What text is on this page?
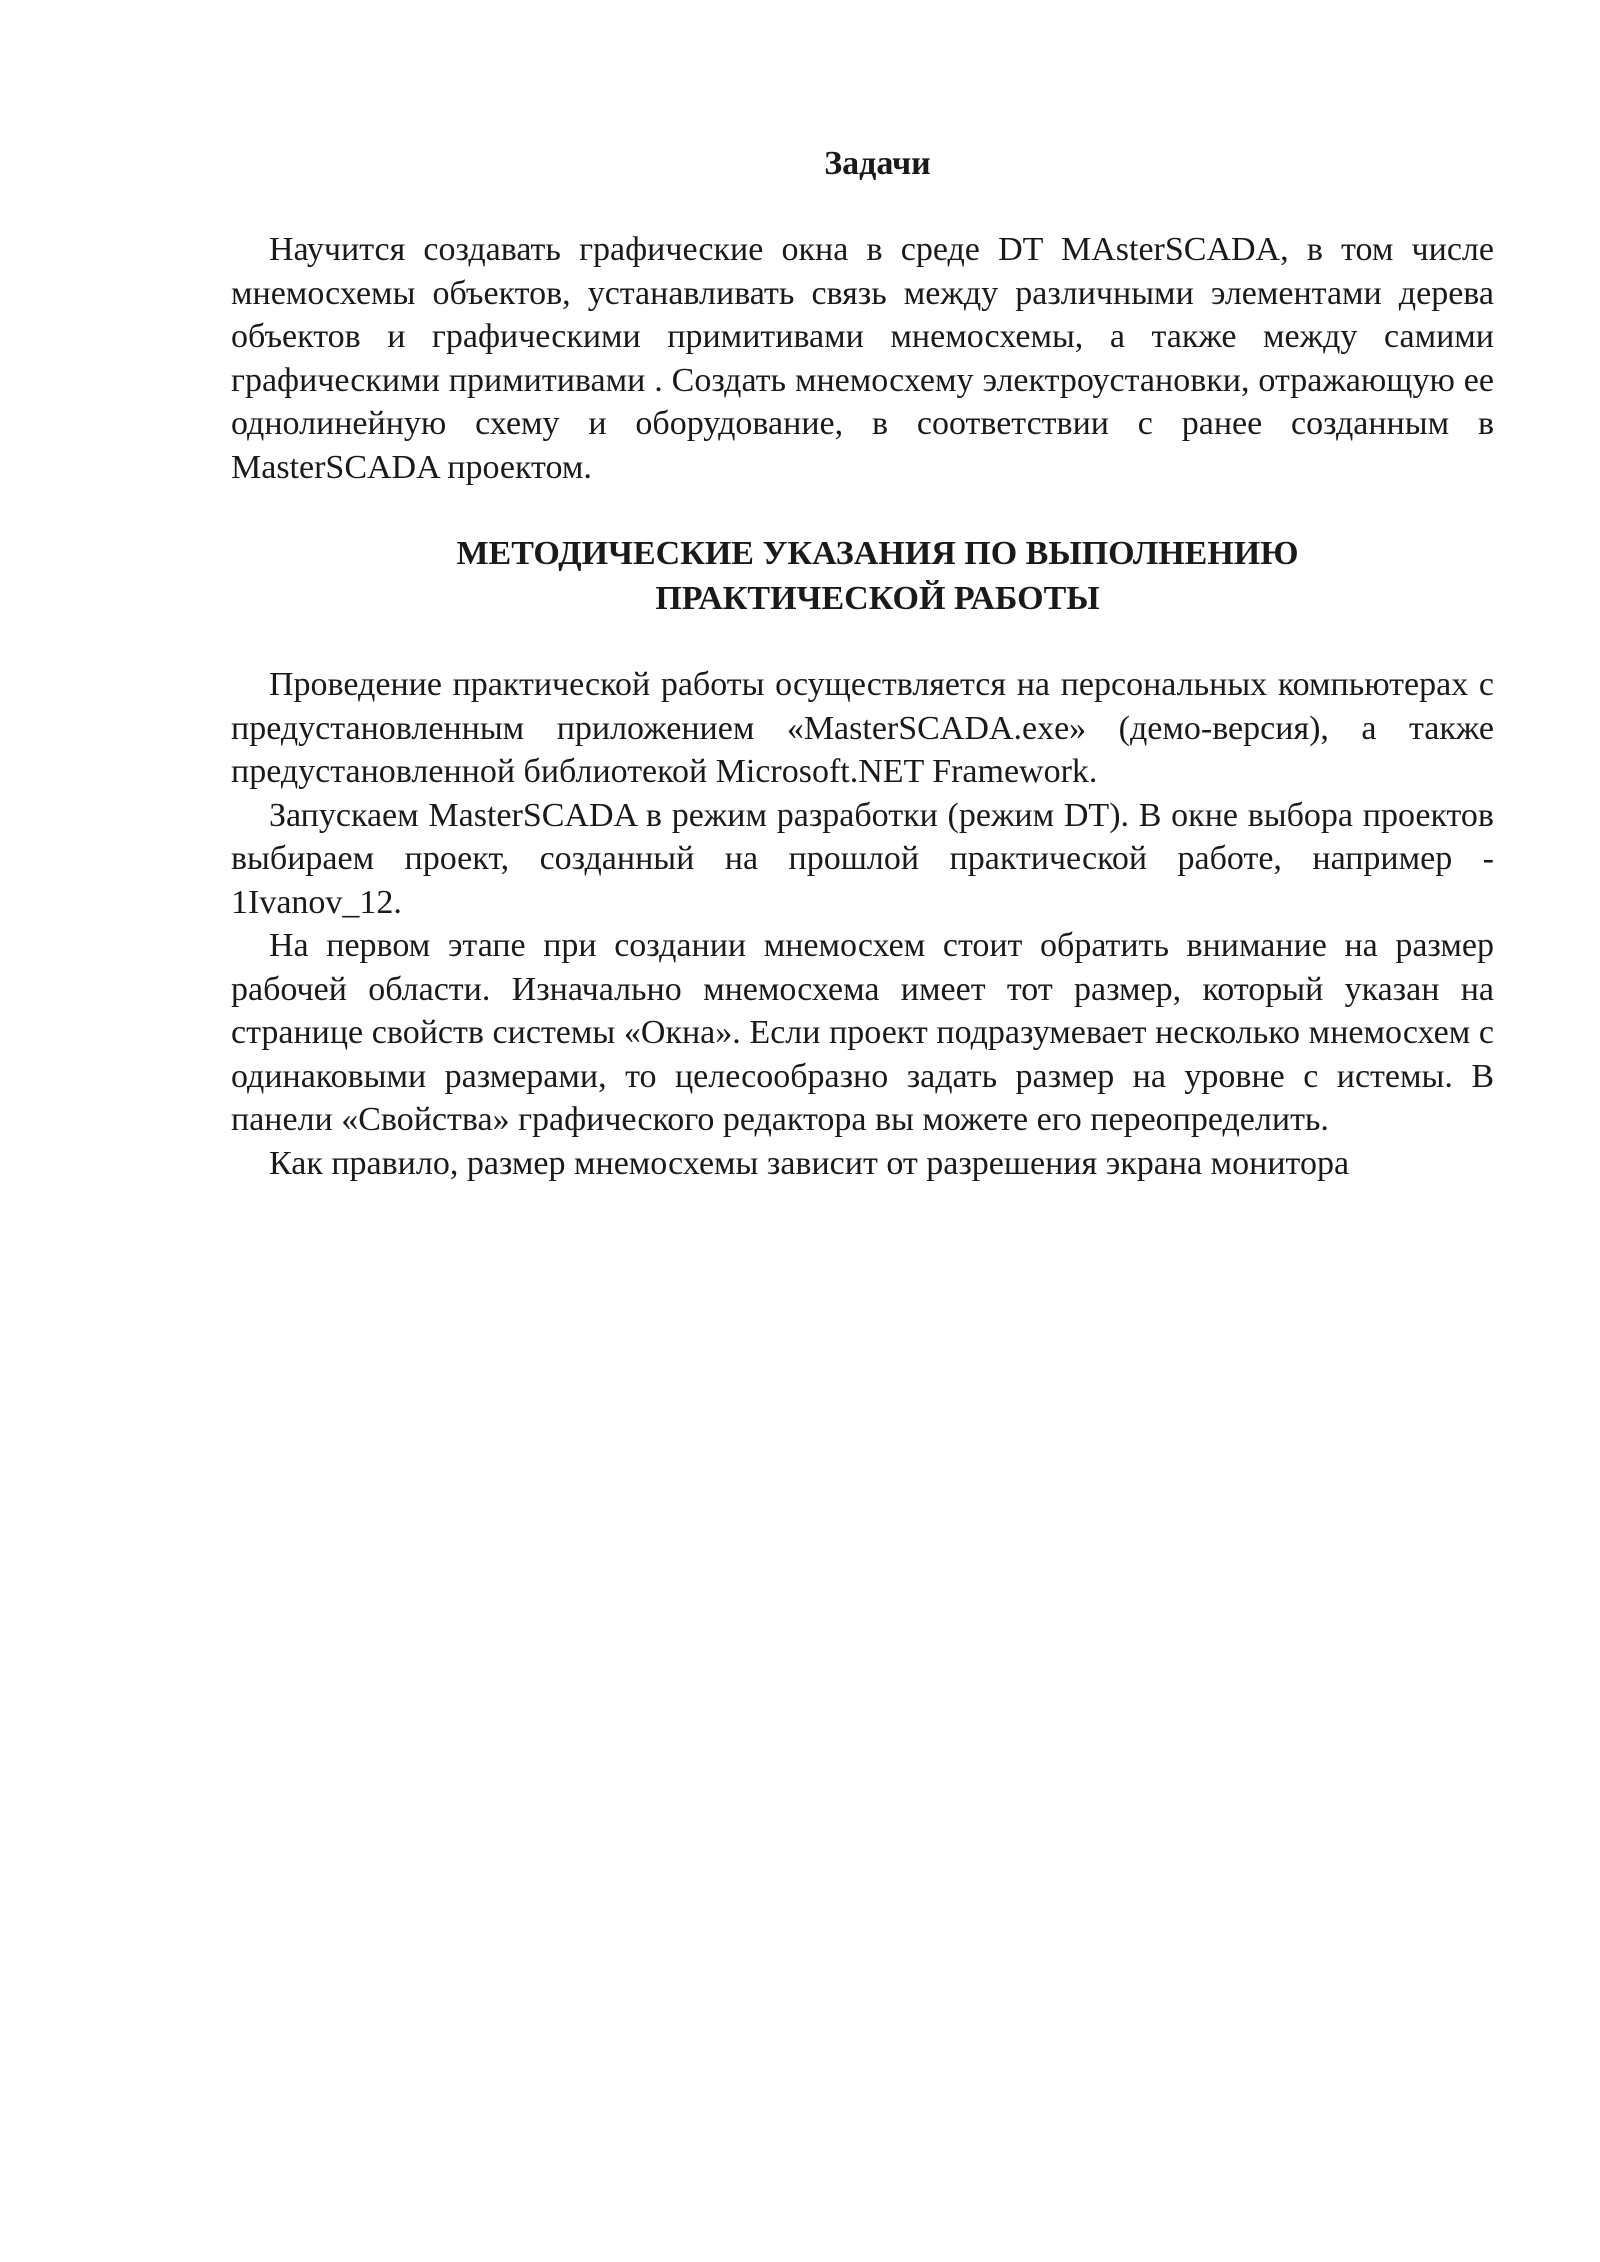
Задачи

Научится создавать графические окна в среде DT MAsterSCADA, в том числе мнемосхемы объектов, устанавливать связь между различными элементами дерева объектов и графическими примитивами мнемосхемы, а также между самими графическими примитивами . Создать мнемосхему электроустановки, отражающую ее однолинейную схему и оборудование, в соответствии с ранее созданным в MasterSCADA проектом.

МЕТОДИЧЕСКИЕ УКАЗАНИЯ ПО ВЫПОЛНЕНИЮ
ПРАКТИЧЕСКОЙ РАБОТЫ

Проведение практической работы осуществляется на персональных компьютерах с предустановленным приложением «MasterSCADA.exe» (демо-версия), а также предустановленной библиотекой Microsoft.NET Framework.

Запускаем MasterSCADA в режим разработки (режим DT). В окне выбора проектов выбираем проект, созданный на прошлой практической работе, например - 1Ivanov_12.

На первом этапе при создании мнемосхем стоит обратить внимание на размер рабочей области. Изначально мнемосхема имеет тот размер, который указан на странице свойств системы «Окна». Если проект подразумевает несколько мнемосхем с одинаковыми размерами, то целесообразно задать размер на уровне с истемы. В панели «Свойства» графического редактора вы можете его переопределить.

Как правило, размер мнемосхемы зависит от разрешения экрана монитора
